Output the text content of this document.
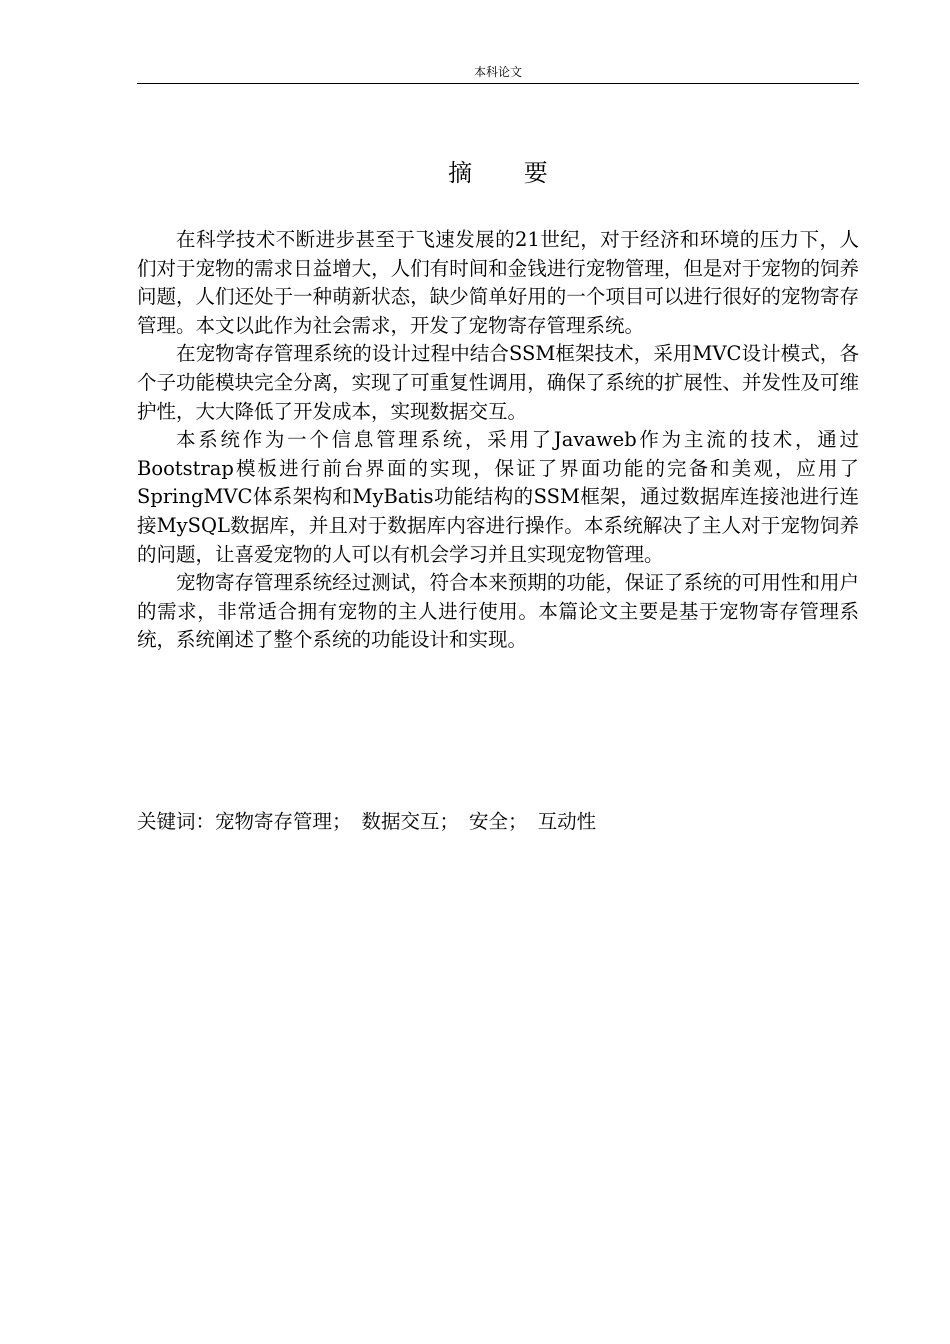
本科论文
摘 要

在科学技术不断进步甚至于飞速发展的21世纪，对于经济和环境的压力下，人们对于宠物的需求日益增大，人们有时间和金钱进行宠物管理，但是对于宠物的饲养问题，人们还处于一种萌新状态，缺少简单好用的一个项目可以进行很好的宠物寄存管理。本文以此作为社会需求，开发了宠物寄存管理系统。

在宠物寄存管理系统的设计过程中结合SSM框架技术，采用MVC设计模式，各个子功能模块完全分离，实现了可重复性调用，确保了系统的扩展性、并发性及可维护性，大大降低了开发成本，实现数据交互。

本系统作为一个信息管理系统，采用了Javaweb作为主流的技术，通过Bootstrap模板进行前台界面的实现，保证了界面功能的完备和美观，应用了SpringMVC体系架构和MyBatis功能结构的SSM框架，通过数据库连接池进行连接MySQL数据库，并且对于数据库内容进行操作。本系统解决了主人对于宠物饲养的问题，让喜爱宠物的人可以有机会学习并且实现宠物管理。

宠物寄存管理系统经过测试，符合本来预期的功能，保证了系统的可用性和用户的需求，非常适合拥有宠物的主人进行使用。本篇论文主要是基于宠物寄存管理系统，系统阐述了整个系统的功能设计和实现。

关键词：宠物寄存管理； 数据交互； 安全； 互动性
